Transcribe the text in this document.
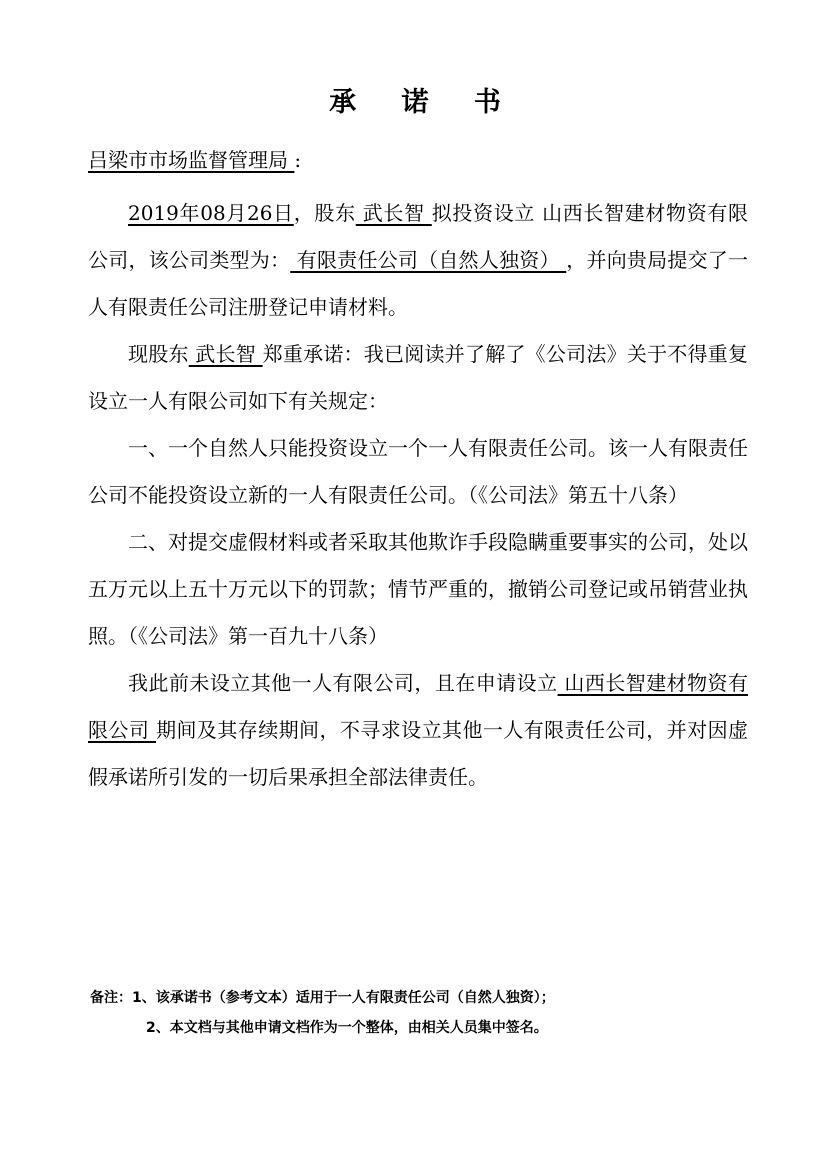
承 诺 书
吕梁市市场监督管理局 :

2019年08月26日，股东 武长智 拟投资设立 山西长智建材物资有限公司，该公司类型为： 有限责任公司（自然人独资） ，并向贵局提交了一人有限责任公司注册登记申请材料。

现股东 武长智 郑重承诺：我已阅读并了解了《公司法》关于不得重复设立一人有限公司如下有关规定：

一、一个自然人只能投资设立一个一人有限责任公司。该一人有限责任公司不能投资设立新的一人有限责任公司。（《公司法》第五十八条）

二、对提交虚假材料或者采取其他欺诈手段隐瞒重要事实的公司，处以五万元以上五十万元以下的罚款；情节严重的，撤销公司登记或吊销营业执照。（《公司法》第一百九十八条）

我此前未设立其他一人有限公司，且在申请设立 山西长智建材物资有限公司 期间及其存续期间，不寻求设立其他一人有限责任公司，并对因虚假承诺所引发的一切后果承担全部法律责任。

备注：1、该承诺书（参考文本）适用于一人有限责任公司（自然人独资）；
2、本文档与其他申请文档作为一个整体，由相关人员集中签名。
